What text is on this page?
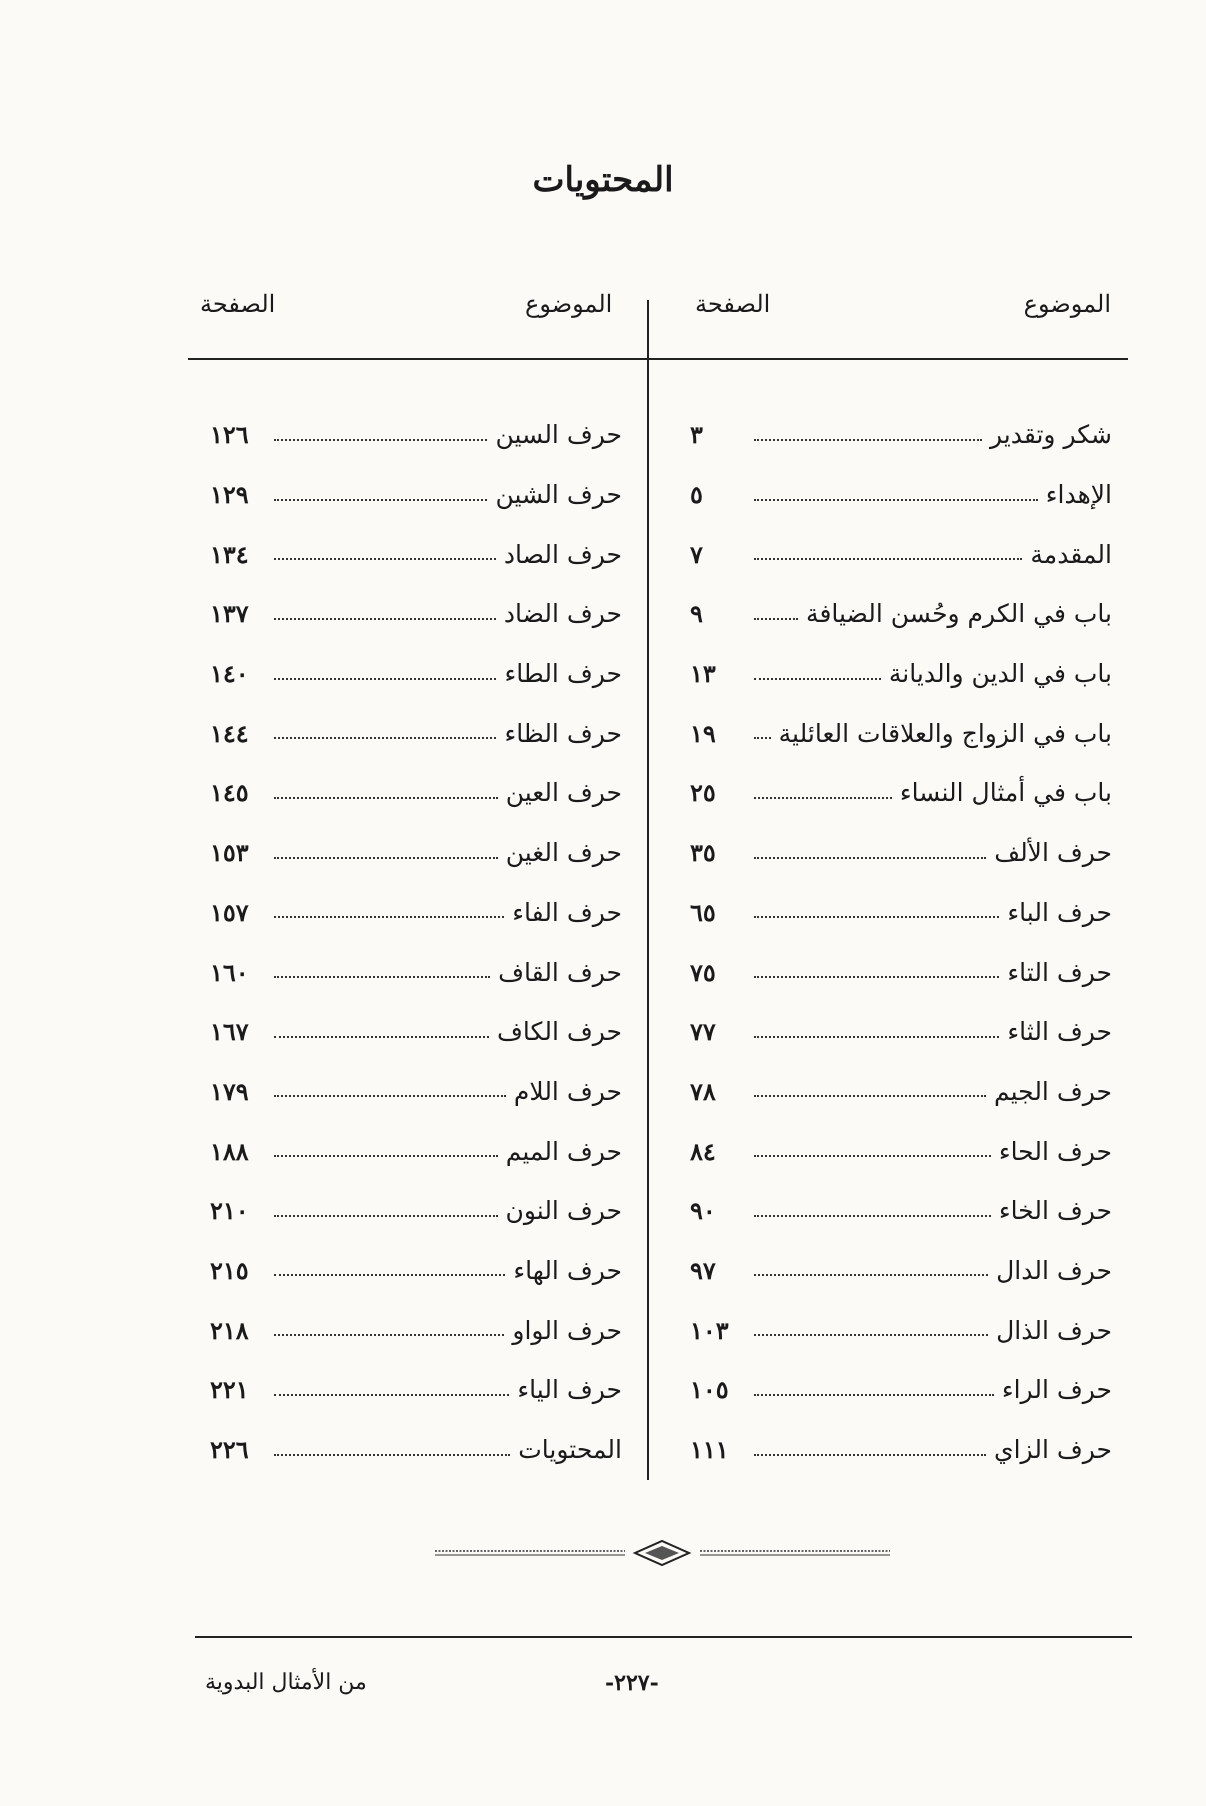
المحتويات
الموضوع
الصفحة
الموضوع
الصفحة
شكر وتقدير
٣
الإهداء
٥
المقدمة
٧
باب في الكرم وحُسن الضيافة
٩
باب في الدين والديانة
١٣
باب في الزواج والعلاقات العائلية
١٩
باب في أمثال النساء
٢٥
حرف الألف
٣٥
حرف الباء
٦٥
حرف التاء
٧٥
حرف الثاء
٧٧
حرف الجيم
٧٨
حرف الحاء
٨٤
حرف الخاء
٩٠
حرف الدال
٩٧
حرف الذال
١٠٣
حرف الراء
١٠٥
حرف الزاي
١١١
حرف السين
١٢٦
حرف الشين
١٢٩
حرف الصاد
١٣٤
حرف الضاد
١٣٧
حرف الطاء
١٤٠
حرف الظاء
١٤٤
حرف العين
١٤٥
حرف الغين
١٥٣
حرف الفاء
١٥٧
حرف القاف
١٦٠
حرف الكاف
١٦٧
حرف اللام
١٧٩
حرف الميم
١٨٨
حرف النون
٢١٠
حرف الهاء
٢١٥
حرف الواو
٢١٨
حرف الياء
٢٢١
المحتويات
٢٢٦
-٢٢٧-
من الأمثال البدوية
